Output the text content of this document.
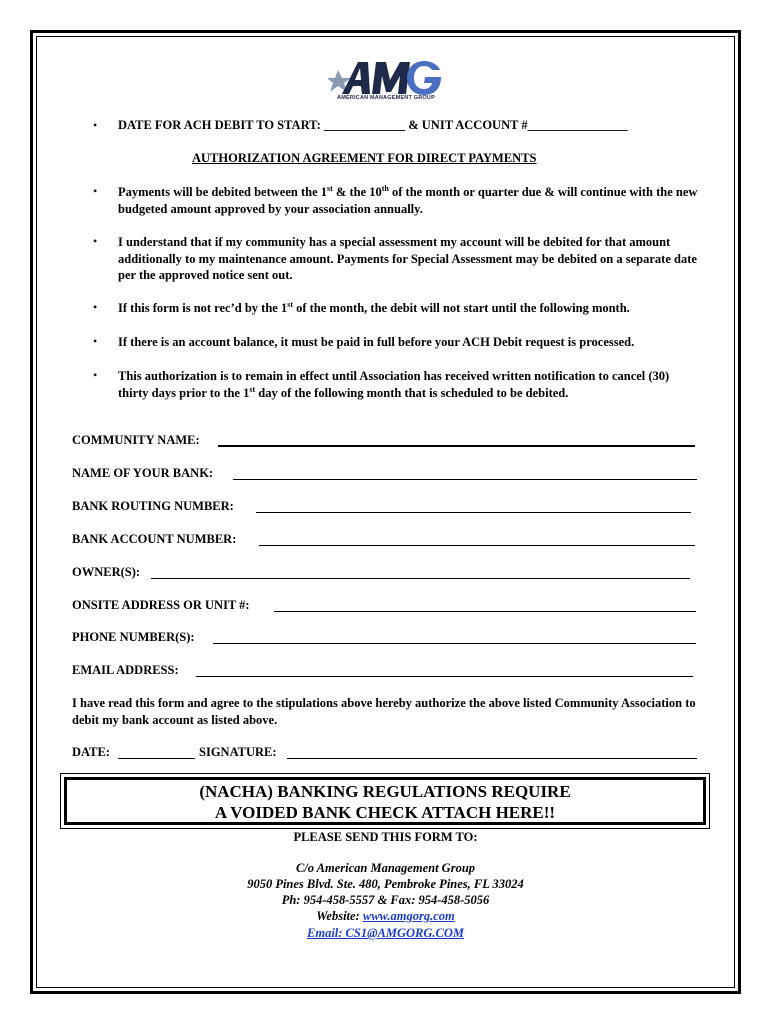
AMERICAN MANAGEMENT GROUP
• DATE FOR ACH DEBIT TO START: _____________ & UNIT ACCOUNT #________________
AUTHORIZATION AGREEMENT FOR DIRECT PAYMENTS
• Payments will be debited between the 1st & the 10th of the month or quarter due & will continue with the new budgeted amount approved by your association annually.
• I understand that if my community has a special assessment my account will be debited for that amount additionally to my maintenance amount. Payments for Special Assessment may be debited on a separate date per the approved notice sent out.
• If this form is not rec’d by the 1st of the month, the debit will not start until the following month.
• If there is an account balance, it must be paid in full before your ACH Debit request is processed.
• This authorization is to remain in effect until Association has received written notification to cancel (30) thirty days prior to the 1st day of the following month that is scheduled to be debited.
COMMUNITY NAME:
NAME OF YOUR BANK:
BANK ROUTING NUMBER:
BANK ACCOUNT NUMBER:
OWNER(S):
ONSITE ADDRESS OR UNIT #:
PHONE NUMBER(S):
EMAIL ADDRESS:
I have read this form and agree to the stipulations above hereby authorize the above listed Community Association to debit my bank account as listed above.
DATE:	SIGNATURE:
(NACHA) BANKING REGULATIONS REQUIRE
A VOIDED BANK CHECK ATTACH HERE!!
PLEASE SEND THIS FORM TO:
C/o American Management Group
9050 Pines Blvd. Ste. 480, Pembroke Pines, FL 33024
Ph: 954-458-5557 & Fax: 954-458-5056
Website: www.amgorg.com
Email: CS1@AMGORG.COM
